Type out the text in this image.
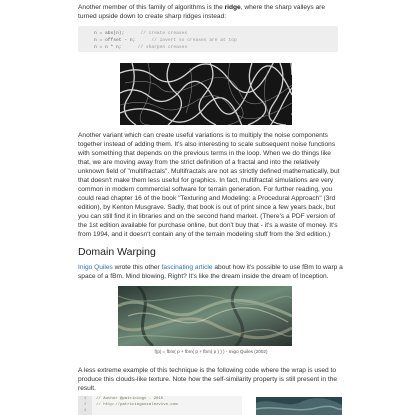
Another member of this family of algorithms is the ridge, where the sharp valleys are turned upside down to create sharp ridges instead:

n = abs(n);	// create creases
n = offset - n;	// invert so creases are at top
n = n * n;	// sharpen creases

Another variant which can create useful variations is to multiply the noise components together instead of adding them. It's also interesting to scale subsequent noise functions with something that depends on the previous terms in the loop. When we do things like that, we are moving away from the strict definition of a fractal and into the relatively unknown field of "multifractals". Multifractals are not as strictly defined mathematically, but that doesn't make them less useful for graphics. In fact, multifractal simulations are very common in modern commercial software for terrain generation. For further reading, you could read chapter 16 of the book "Texturing and Modeling: a Procedural Approach" (3rd edition), by Kenton Musgrave. Sadly, that book is out of print since a few years back, but you can still find it in libraries and on the second hand market. (There's a PDF version of the 1st edition available for purchase online, but don't buy that - it's a waste of money. It's from 1994, and it doesn't contain any of the terrain modeling stuff from the 3rd edition.)

Domain Warping

Inigo Quiles wrote this other fascinating article about how it's possible to use fBm to warp a space of a fBm. Mind blowing, Right? It's like the dream inside the dream of Inception.

f(p) = fbm( p + fbm( p + fbm( p ) ) ) - Inigo Quiles (2002)

A less extreme example of this technique is the following code where the wrap is used to produce this clouds-like texture. Note how the self-similarity property is still present in the result.

1
2
3
// Author @patriciogv - 2015
// http://patriciogonzalezvivo.com
